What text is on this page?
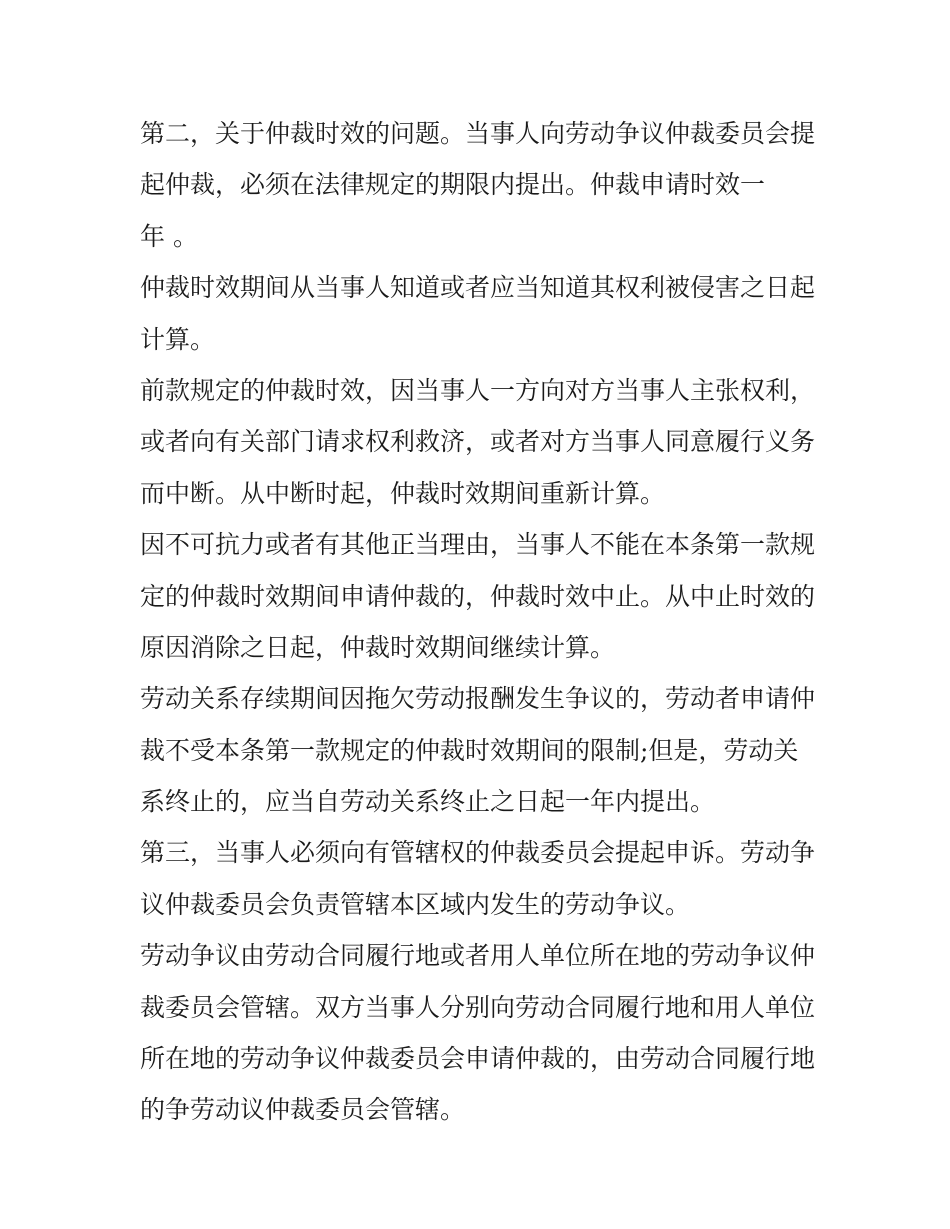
第二，关于仲裁时效的问题。当事人向劳动争议仲裁委员会提
起仲裁，必须在法律规定的期限内提出。仲裁申请时效一
年 。
仲裁时效期间从当事人知道或者应当知道其权利被侵害之日起
计算。
前款规定的仲裁时效，因当事人一方向对方当事人主张权利，
或者向有关部门请求权利救济，或者对方当事人同意履行义务
而中断。从中断时起，仲裁时效期间重新计算。
因不可抗力或者有其他正当理由，当事人不能在本条第一款规
定的仲裁时效期间申请仲裁的，仲裁时效中止。从中止时效的
原因消除之日起，仲裁时效期间继续计算。
劳动关系存续期间因拖欠劳动报酬发生争议的，劳动者申请仲
裁不受本条第一款规定的仲裁时效期间的限制;但是，劳动关
系终止的，应当自劳动关系终止之日起一年内提出。
第三，当事人必须向有管辖权的仲裁委员会提起申诉。劳动争
议仲裁委员会负责管辖本区域内发生的劳动争议。
劳动争议由劳动合同履行地或者用人单位所在地的劳动争议仲
裁委员会管辖。双方当事人分别向劳动合同履行地和用人单位
所在地的劳动争议仲裁委员会申请仲裁的，由劳动合同履行地
的争劳动议仲裁委员会管辖。
